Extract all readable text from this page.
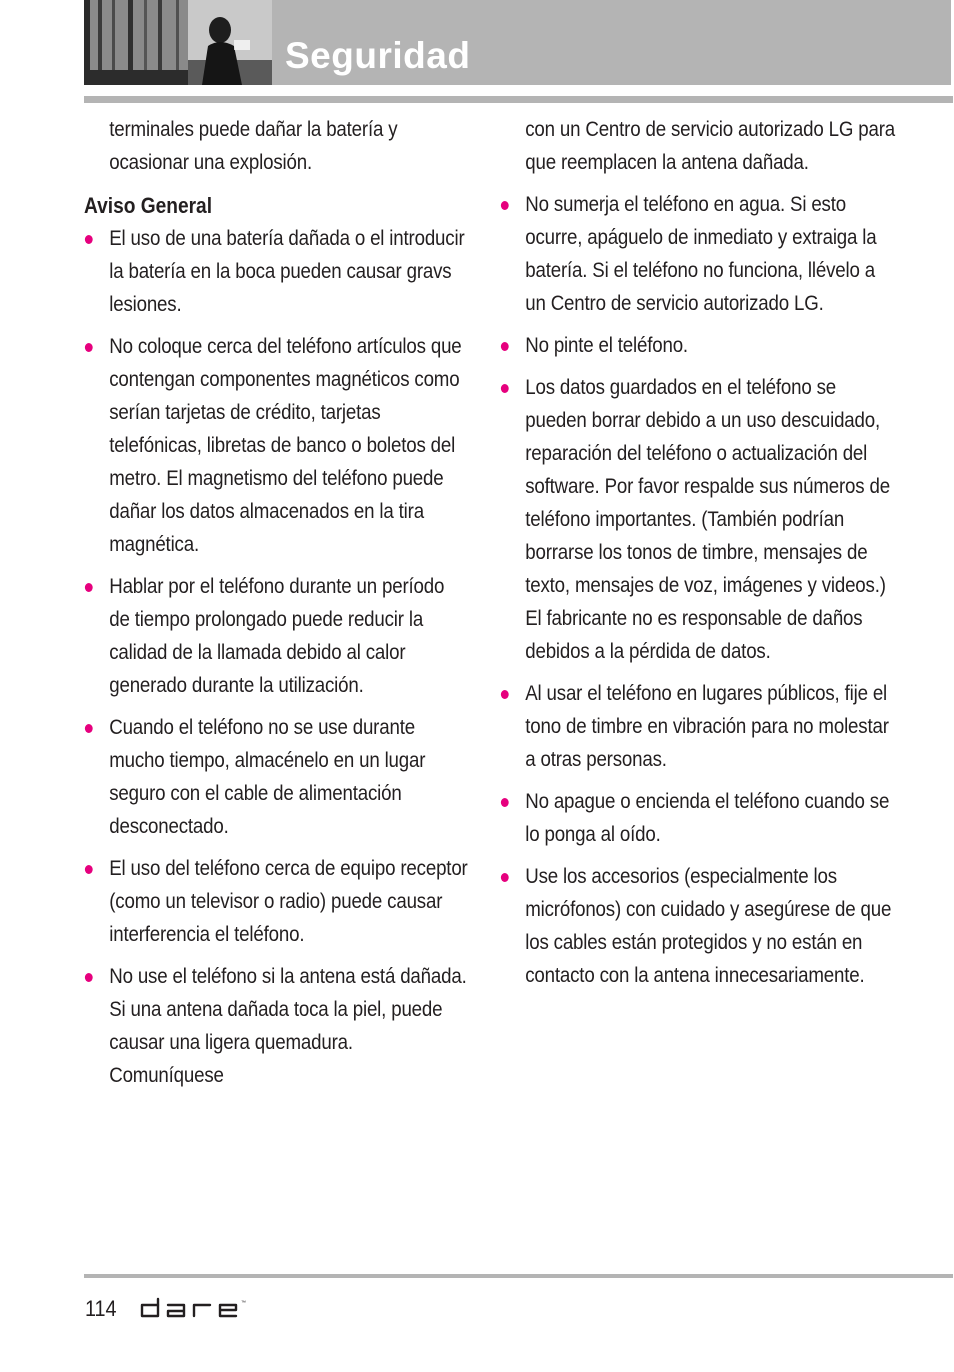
Seguridad

terminales puede dañar la batería y ocasionar una explosión.

Aviso General
El uso de una batería dañada o el introducir la batería en la boca pueden causar gravs lesiones.
No coloque cerca del teléfono artículos que contengan componentes magnéticos como serían tarjetas de crédito, tarjetas telefónicas, libretas de banco o boletos del metro. El magnetismo del teléfono puede dañar los datos almacenados en la tira magnética.
Hablar por el teléfono durante un período de tiempo prolongado puede reducir la calidad de la llamada debido al calor generado durante la utilización.
Cuando el teléfono no se use durante mucho tiempo, almacénelo en un lugar seguro con el cable de alimentación desconectado.
El uso del teléfono cerca de equipo receptor (como un televisor o radio) puede causar interferencia el teléfono.
No use el teléfono si la antena está dañada. Si una antena dañada toca la piel, puede causar una ligera quemadura. Comuníquese

con un Centro de servicio autorizado LG para que reemplacen la antena dañada.

No sumerja el teléfono en agua. Si esto ocurre, apáguelo de inmediato y extraiga la batería. Si el teléfono no funciona, llévelo a un Centro de servicio autorizado LG.
No pinte el teléfono.
Los datos guardados en el teléfono se pueden borrar debido a un uso descuidado, reparación del teléfono o actualización del software. Por favor respalde sus números de teléfono importantes. (También podrían borrarse los tonos de timbre, mensajes de texto, mensajes de voz, imágenes y videos.) El fabricante no es responsable de daños debidos a la pérdida de datos.
Al usar el teléfono en lugares públicos, fije el tono de timbre en vibración para no molestar a otras personas.
No apague o encienda el teléfono cuando se lo ponga al oído.
Use los accesorios (especialmente los micrófonos) con cuidado y asegúrese de que los cables están protegidos y no están en contacto con la antena innecesariamente.
114	™
